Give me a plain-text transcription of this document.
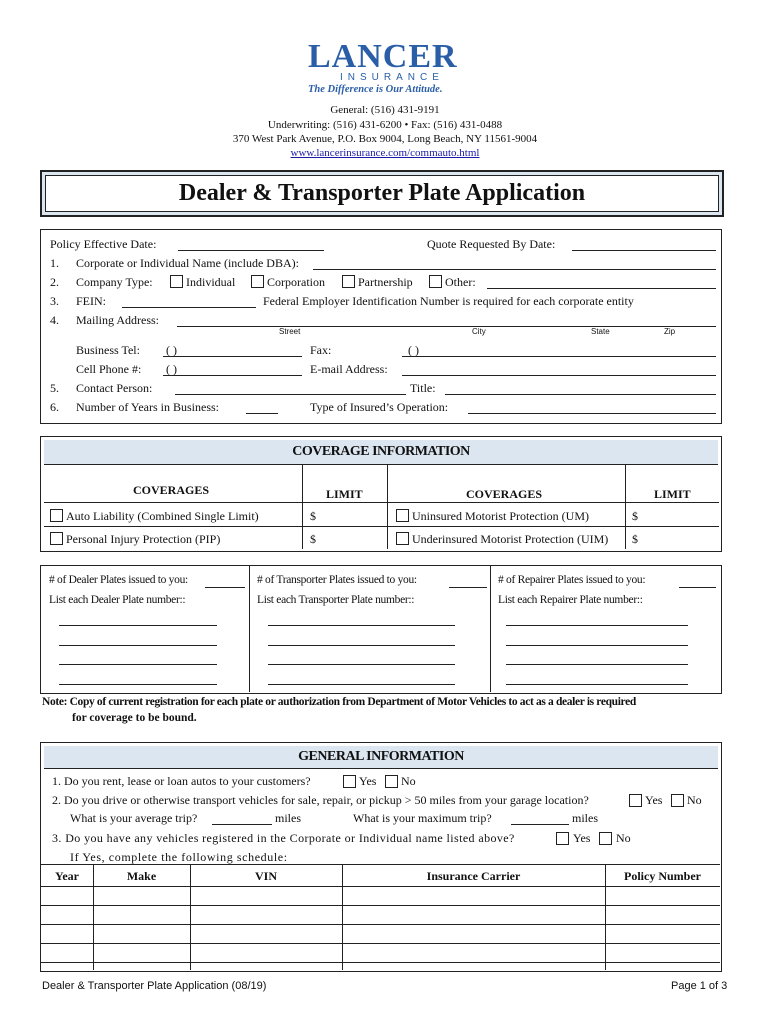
LANCER
INSURANCE
The Difference is Our Attitude.
General: (516) 431-9191
Underwriting: (516) 431-6200 • Fax: (516) 431-0488
370 West Park Avenue, P.O. Box 9004, Long Beach, NY 11561-9004
www.lancerinsurance.com/commauto.html
Dealer & Transporter Plate Application
Policy Effective Date:	Quote Requested By Date:
1. Corporate or Individual Name (include DBA):
2. Company Type:	Individual	Corporation	Partnership	Other:
3. FEIN:	Federal Employer Identification Number is required for each corporate entity
4. Mailing Address:
Street	City	State	Zip
Business Tel: ( )	Fax:	( )
Cell Phone #: ( )	E-mail Address:
5. Contact Person:	Title:
6. Number of Years in Business:	Type of Insured’s Operation:
COVERAGE INFORMATION
COVERAGES	LIMIT	COVERAGES	LIMIT
Auto Liability (Combined Single Limit)	$	Uninsured Motorist Protection (UM)	$
Personal Injury Protection (PIP)	$	Underinsured Motorist Protection (UIM) $
# of Dealer Plates issued to you:
List each Dealer Plate number::
# of Transporter Plates issued to you:
List each Transporter Plate number::
# of Repairer Plates issued to you:
List each Repairer Plate number::
Note: Copy of current registration for each plate or authorization from Department of Motor Vehicles to act as a dealer is required
for coverage to be bound.
GENERAL INFORMATION
1. Do you rent, lease or loan autos to your customers?	Yes No
2. Do you drive or otherwise transport vehicles for sale, repair, or pickup > 50 miles from your garage location?	Yes No
What is your average trip?	miles	What is your maximum trip?	miles
3. Do you have any vehicles registered in the Corporate or Individual name listed above?	Yes No
If Yes, complete the following schedule:
Year	Make	VIN	Insurance Carrier	Policy Number
Dealer & Transporter Plate Application (08/19)	Page 1 of 3
